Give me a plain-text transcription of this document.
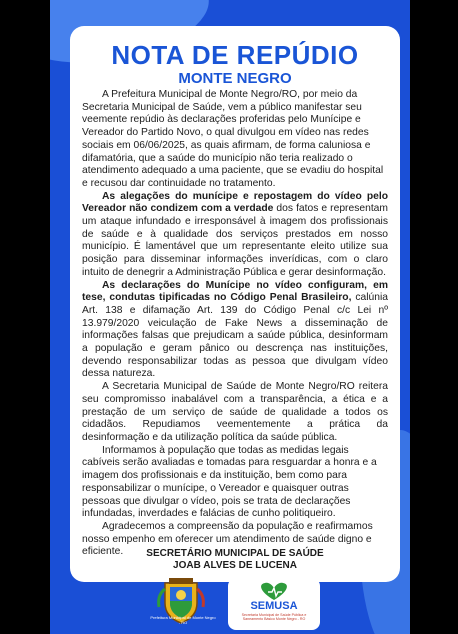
NOTA DE REPÚDIO
MONTE NEGRO

A Prefeitura Municipal de Monte Negro/RO, por meio da Secretaria Municipal de Saúde, vem a público manifestar seu veemente repúdio às declarações proferidas pelo Munícipe e Vereador do Partido Novo, o qual divulgou em vídeo nas redes sociais em 06/06/2025, as quais afirmam, de forma caluniosa e difamatória, que a saúde do município não teria realizado o atendimento adequado a uma paciente, que se evadiu do hospital e recusou dar continuidade no tratamento.

As alegações do munícipe e repostagem do vídeo pelo Vereador não condizem com a verdade dos fatos e representam um ataque infundado e irresponsável à imagem dos profissionais de saúde e à qualidade dos serviços prestados em nosso município. É lamentável que um representante eleito utilize sua posição para disseminar informações inverídicas, com o claro intuito de denegrir a Administração Pública e gerar desinformação.

As declarações do Munícipe no vídeo configuram, em tese, condutas tipificadas no Código Penal Brasileiro, calúnia Art. 138 e difamação Art. 139 do Código Penal c/c Lei nº 13.979/2020 veiculação de Fake News a disseminação de informações falsas que prejudicam a saúde pública, desinformam a população e geram pânico ou descrença nas instituições, devendo responsabilizar todas as pessoa que divulgam vídeo dessa natureza.

A Secretaria Municipal de Saúde de Monte Negro/RO reitera seu compromisso inabalável com a transparência, a ética e a prestação de um serviço de saúde de qualidade a todos os cidadãos. Repudiamos veementemente a prática da desinformação e da utilização política da saúde pública.

Informamos à população que todas as medidas legais cabíveis serão avaliadas e tomadas para resguardar a honra e a imagem dos profissionais e da instituição, bem como para responsabilizar o munícipe, o Vereador e quaisquer outras pessoas que divulgar o vídeo, pois se trata de declarações infundadas, inverdades e falácias de cunho politiqueiro.

Agradecemos a compreensão da população e reafirmamos nosso empenho em oferecer um atendimento de saúde digno e eficiente.	SECRETÁRIO MUNICIPAL DE SAÚDE
JOAB ALVES DE LUCENA
Prefeitura Municipal de Monte Negro - RO
SEMUSA
Secretaria Municipal de Saúde Pública e Saneamento Básico Monte Negro - RO
